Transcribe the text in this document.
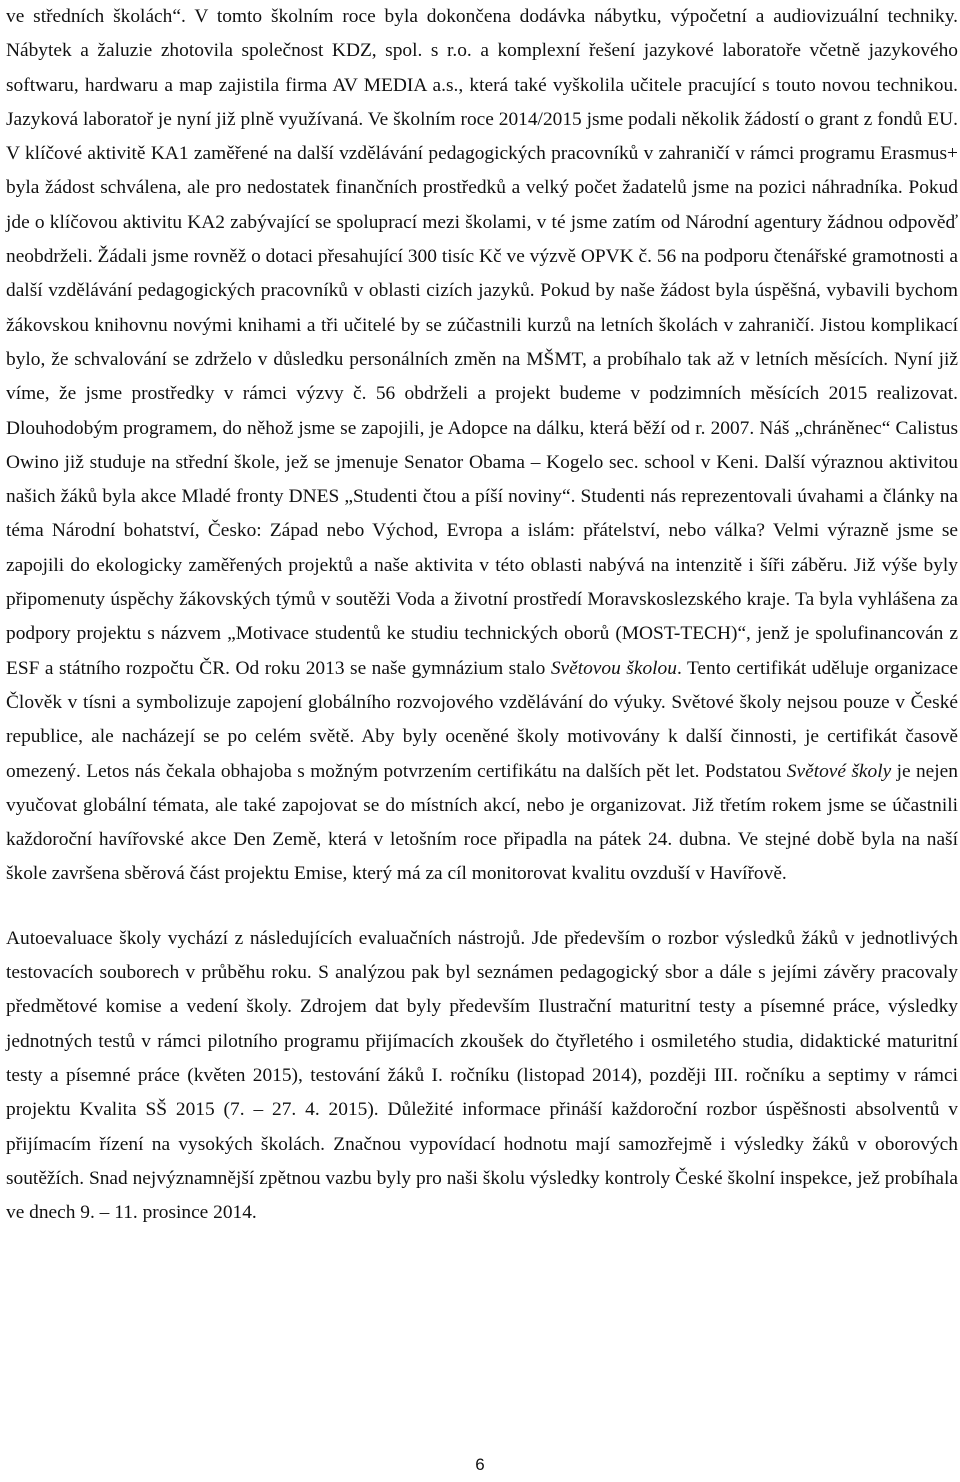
ve středních školách“. V tomto školním roce byla dokončena dodávka nábytku, výpočetní a audiovizuální techniky. Nábytek a žaluzie zhotovila společnost KDZ, spol. s r.o. a komplexní řešení jazykové laboratoře včetně jazykového softwaru, hardwaru a map zajistila firma AV MEDIA a.s., která také vyškolila učitele pracující s touto novou technikou. Jazyková laboratoř je nyní již plně využívaná. Ve školním roce 2014/2015 jsme podali několik žádostí o grant z fondů EU. V klíčové aktivitě KA1 zaměřené na další vzdělávání pedagogických pracovníků v zahraničí v rámci programu Erasmus+ byla žádost schválena, ale pro nedostatek finančních prostředků a velký počet žadatelů jsme na pozici náhradníka. Pokud jde o klíčovou aktivitu KA2 zabývající se spoluprací mezi školami, v té jsme zatím od Národní agentury žádnou odpověď neobdrželi. Žádali jsme rovněž o dotaci přesahující 300 tisíc Kč ve výzvě OPVK č. 56 na podporu čtenářské gramotnosti a další vzdělávání pedagogických pracovníků v oblasti cizích jazyků. Pokud by naše žádost byla úspěšná, vybavili bychom žákovskou knihovnu novými knihami a tři učitelé by se zúčastnili kurzů na letních školách v zahraničí. Jistou komplikací bylo, že schvalování se zdrželo v důsledku personálních změn na MŠMT, a probíhalo tak až v letních měsících. Nyní již víme, že jsme prostředky v rámci výzvy č. 56 obdrželi a projekt budeme v podzimních měsících 2015 realizovat. Dlouhodobým programem, do něhož jsme se zapojili, je Adopce na dálku, která běží od r. 2007. Náš „chráněnec“ Calistus Owino již studuje na střední škole, jež se jmenuje Senator Obama – Kogelo sec. school v Keni. Další výraznou aktivitou našich žáků byla akce Mladé fronty DNES „Studenti čtou a píší noviny“. Studenti nás reprezentovali úvahami a články na téma Národní bohatství, Česko: Západ nebo Východ, Evropa a islám: přátelství, nebo válka? Velmi výrazně jsme se zapojili do ekologicky zaměřených projektů a naše aktivita v této oblasti nabývá na intenzitě i šíři záběru. Již výše byly připomenuty úspěchy žákovských týmů v soutěži Voda a životní prostředí Moravskoslezského kraje. Ta byla vyhlášena za podpory projektu s názvem „Motivace studentů ke studiu technických oborů (MOST-TECH)“, jenž je spolufinancován z ESF a státního rozpočtu ČR. Od roku 2013 se naše gymnázium stalo Světovou školou. Tento certifikát uděluje organizace Člověk v tísni a symbolizuje zapojení globálního rozvojového vzdělávání do výuky. Světové školy nejsou pouze v České republice, ale nacházejí se po celém světě. Aby byly oceněné školy motivovány k další činnosti, je certifikát časově omezený. Letos nás čekala obhajoba s možným potvrzením certifikátu na dalších pět let. Podstatou Světové školy je nejen vyučovat globální témata, ale také zapojovat se do místních akcí, nebo je organizovat. Již třetím rokem jsme se účastnili každoroční havířovské akce Den Země, která v letošním roce připadla na pátek 24. dubna. Ve stejné době byla na naší škole završena sběrová část projektu Emise, který má za cíl monitorovat kvalitu ovzduší v Havířově.

Autoevaluace školy vychází z následujících evaluačních nástrojů. Jde především o rozbor výsledků žáků v jednotlivých testovacích souborech v průběhu roku. S analýzou pak byl seznámen pedagogický sbor a dále s jejími závěry pracovaly předmětové komise a vedení školy. Zdrojem dat byly především Ilustrační maturitní testy a písemné práce, výsledky jednotných testů v rámci pilotního programu přijímacích zkoušek do čtyřletého i osmiletého studia, didaktické maturitní testy a písemné práce (květen 2015), testování žáků I. ročníku (listopad 2014), později III. ročníku a septimy v rámci projektu Kvalita SŠ 2015 (7. – 27. 4. 2015). Důležité informace přináší každoroční rozbor úspěšnosti absolventů v přijímacím řízení na vysokých školách. Značnou vypovídací hodnotu mají samozřejmě i výsledky žáků v oborových soutěžích. Snad nejvýznamnější zpětnou vazbu byly pro naši školu výsledky kontroly České školní inspekce, jež probíhala ve dnech 9. – 11. prosince 2014.

6
